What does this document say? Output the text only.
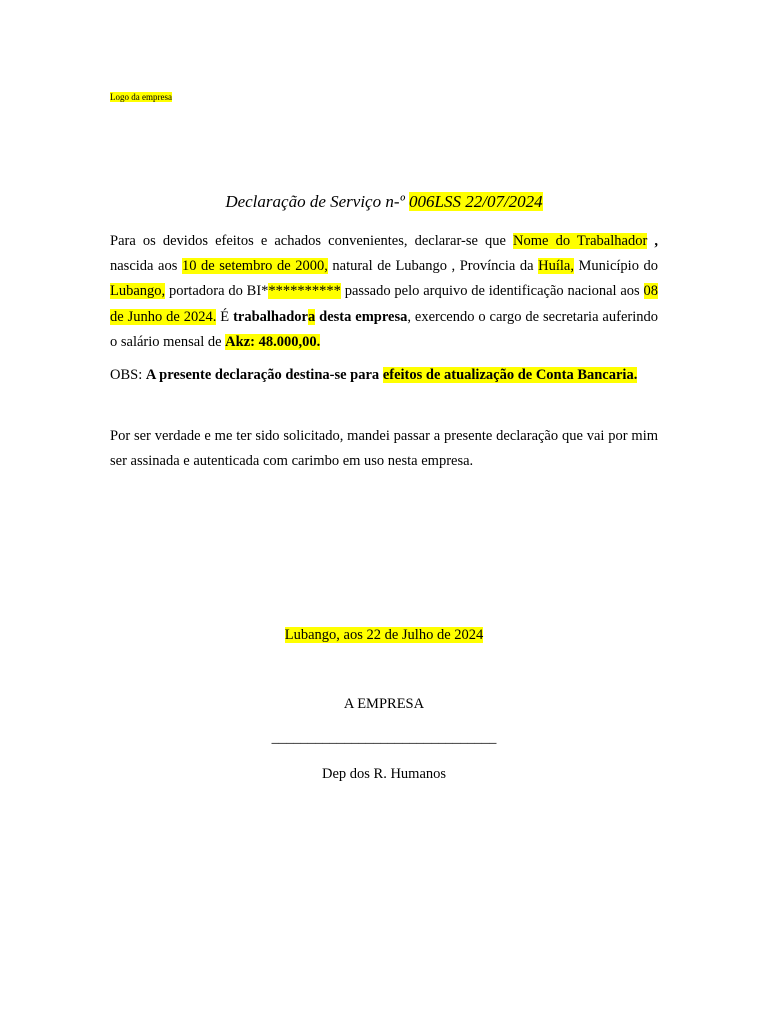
Logo da empresa
Declaração de Serviço n-º 006LSS 22/07/2024
Para os devidos efeitos e achados convenientes, declarar-se que Nome do Trabalhador , nascida aos 10 de setembro de 2000, natural de Lubango , Província da Huíla, Município do Lubango, portadora do BI*********** passado pelo arquivo de identificação nacional aos 08 de Junho de 2024. É trabalhadora desta empresa, exercendo o cargo de secretaria auferindo o salário mensal de Akz: 48.000,00.
OBS: A presente declaração destina-se para efeitos de atualização de Conta Bancaria.
Por ser verdade e me ter sido solicitado, mandei passar a presente declaração que vai por mim ser assinada e autenticada com carimbo em uso nesta empresa.
Lubango, aos 22 de Julho de 2024
A EMPRESA
_______________________________
Dep dos R. Humanos
